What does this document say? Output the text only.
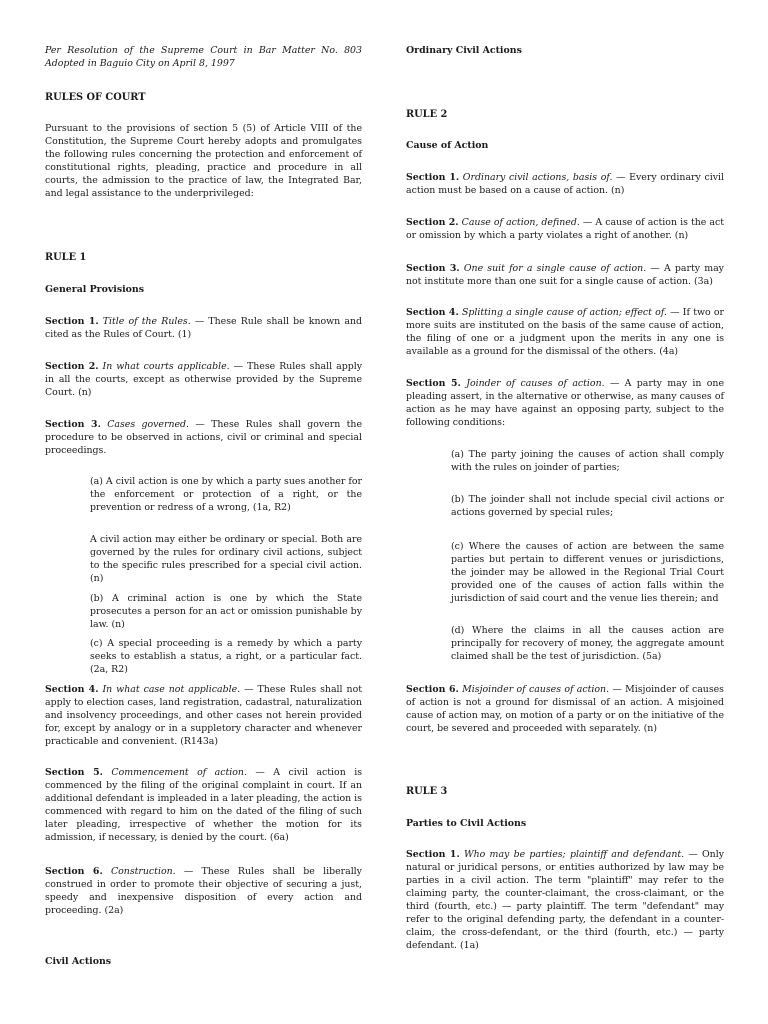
Per Resolution of the Supreme Court in Bar Matter No. 803 Adopted in Baguio City on April 8, 1997

RULES OF COURT

Pursuant to the provisions of section 5 (5) of Article VIII of the Constitution, the Supreme Court hereby adopts and promulgates the following rules concerning the protection and enforcement of constitutional rights, pleading, practice and procedure in all courts, the admission to the practice of law, the Integrated Bar, and legal assistance to the underprivileged:

RULE 1

General Provisions

Section 1. Title of the Rules. — These Rule shall be known and cited as the Rules of Court. (1)

Section 2. In what courts applicable. — These Rules shall apply in all the courts, except as otherwise provided by the Supreme Court. (n)

Section 3. Cases governed. — These Rules shall govern the procedure to be observed in actions, civil or criminal and special proceedings.

(a) A civil action is one by which a party sues another for the enforcement or protection of a right, or the prevention or redress of a wrong, (1a, R2)

A civil action may either be ordinary or special. Both are governed by the rules for ordinary civil actions, subject to the specific rules prescribed for a special civil action. (n)

(b) A criminal action is one by which the State prosecutes a person for an act or omission punishable by law. (n)

(c) A special proceeding is a remedy by which a party seeks to establish a status, a right, or a particular fact. (2a, R2)

Section 4. In what case not applicable. — These Rules shall not apply to election cases, land registration, cadastral, naturalization and insolvency proceedings, and other cases not herein provided for, except by analogy or in a suppletory character and whenever practicable and convenient. (R143a)

Section 5. Commencement of action. — A civil action is commenced by the filing of the original complaint in court. If an additional defendant is impleaded in a later pleading, the action is commenced with regard to him on the dated of the filing of such later pleading, irrespective of whether the motion for its admission, if necessary, is denied by the court. (6a)

Section 6. Construction. — These Rules shall be liberally construed in order to promote their objective of securing a just, speedy and inexpensive disposition of every action and proceeding. (2a)

Civil Actions

Ordinary Civil Actions

RULE 2

Cause of Action

Section 1. Ordinary civil actions, basis of. — Every ordinary civil action must be based on a cause of action. (n)

Section 2. Cause of action, defined. — A cause of action is the act or omission by which a party violates a right of another. (n)

Section 3. One suit for a single cause of action. — A party may not institute more than one suit for a single cause of action. (3a)

Section 4. Splitting a single cause of action; effect of. — If two or more suits are instituted on the basis of the same cause of action, the filing of one or a judgment upon the merits in any one is available as a ground for the dismissal of the others. (4a)

Section 5. Joinder of causes of action. — A party may in one pleading assert, in the alternative or otherwise, as many causes of action as he may have against an opposing party, subject to the following conditions:

(a) The party joining the causes of action shall comply with the rules on joinder of parties;

(b) The joinder shall not include special civil actions or actions governed by special rules;

(c) Where the causes of action are between the same parties but pertain to different venues or jurisdictions, the joinder may be allowed in the Regional Trial Court provided one of the causes of action falls within the jurisdiction of said court and the venue lies therein; and

(d) Where the claims in all the causes action are principally for recovery of money, the aggregate amount claimed shall be the test of jurisdiction. (5a)

Section 6. Misjoinder of causes of action. — Misjoinder of causes of action is not a ground for dismissal of an action. A misjoined cause of action may, on motion of a party or on the initiative of the court, be severed and proceeded with separately. (n)

RULE 3

Parties to Civil Actions

Section 1. Who may be parties; plaintiff and defendant. — Only natural or juridical persons, or entities authorized by law may be parties in a civil action. The term "plaintiff" may refer to the claiming party, the counter-claimant, the cross-claimant, or the third (fourth, etc.) — party plaintiff. The term "defendant" may refer to the original defending party, the defendant in a counter-claim, the cross-defendant, or the third (fourth, etc.) — party defendant. (1a)
